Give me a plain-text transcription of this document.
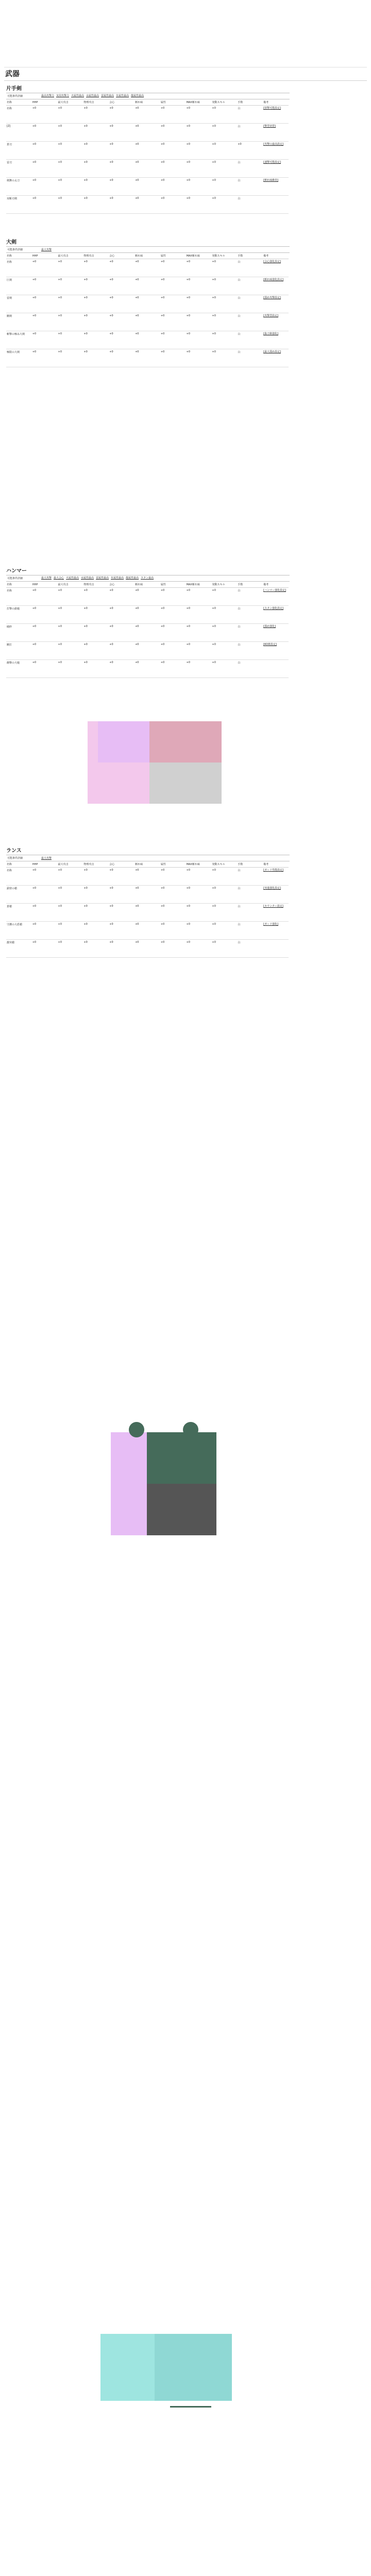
武器
片手剣
可能条件詳細	最高攻撃力 実用攻撃力 火属性最高 水属性最高 雷属性最高 氷属性最高 龍属性最高
名称	HHP	最大攻击	物理攻击	会心	斬れ味	属性	MAX斬れ味	発動スキル	手数	備考
名称	+0	+0	+0	+0	+0	+0	+0	+0	白	[射撃可能設定]
[Z]	+0	+0	+0	+0	+0	+0	+0	+0	白	[撃型切替]
蒼刃	+0	+0	+0	+0	+0	+0	+0	+0	+0	[攻撃の最高設定]
雷刃	+0	+0	+0	+0	+0	+0	+0	+0	白	[連撃可能設定]
剣舞の太刀	+0	+0	+0	+0	+0	+0	+0	+0	白	[斬れ味維持]
双斬刃剣	+0	+0	+0	+0	+0	+0	+0	+0	白	
大剣
可能条件詳細	最大攻撃
名称	HHP	最大攻击	物理攻击	会心	斬れ味	属性	MAX斬れ味	発動スキル	手数	備考
名称	+0	+0	+0	+0	+0	+0	+0	+0	白	[会心強化設定]
巨剣	+0	+0	+0	+0	+0	+0	+0	+0	白	[斬れ味強化設定]
雷剣	+0	+0	+0	+0	+0	+0	+0	+0	白	[溜め攻撃設定]
剛剣	+0	+0	+0	+0	+0	+0	+0	+0	白	[攻撃型設定]
斬撃の極み大剣	+0	+0	+0	+0	+0	+0	+0	+0	白	[抜刀術強化]
極限の大剣	+0	+0	+0	+0	+0	+0	+0	+0	白	[最大溜め設定]
ハンマー
可能条件詳細	最大攻撃 最大会心 火属性最高 水属性最高 雷属性最高 氷属性最高 龍属性最高 スタン最高
名称	HHP	最大攻击	物理攻击	会心	斬れ味	属性	MAX斬れ味	発動スキル	手数	備考
名称	+0	+0	+0	+0	+0	+0	+0	+0	白	[ハンマー強化設定]
打撃の鉄槌	+0	+0	+0	+0	+0	+0	+0	+0	白	[スタン強化設定]
破砕	+0	+0	+0	+0	+0	+0	+0	+0	白	[溜め強化]
剛打	+0	+0	+0	+0	+0	+0	+0	+0	白	[KO術設定]
衝撃の大槌	+0	+0	+0	+0	+0	+0	+0	+0	白	
ランス
可能条件詳細	最大攻撃
名称	HHP	最大攻击	物理攻击	会心	斬れ味	属性	MAX斬れ味	発動スキル	手数	備考
名称	+0	+0	+0	+0	+0	+0	+0	+0	白	[ガード性能設定]
鉄壁の槍	+0	+0	+0	+0	+0	+0	+0	+0	白	[突進強化設定]
蒼槍	+0	+0	+0	+0	+0	+0	+0	+0	白	[カウンター設定]
守護の大盾槍	+0	+0	+0	+0	+0	+0	+0	+0	白	[ガード強化]
激突槍	+0	+0	+0	+0	+0	+0	+0	+0	白	
